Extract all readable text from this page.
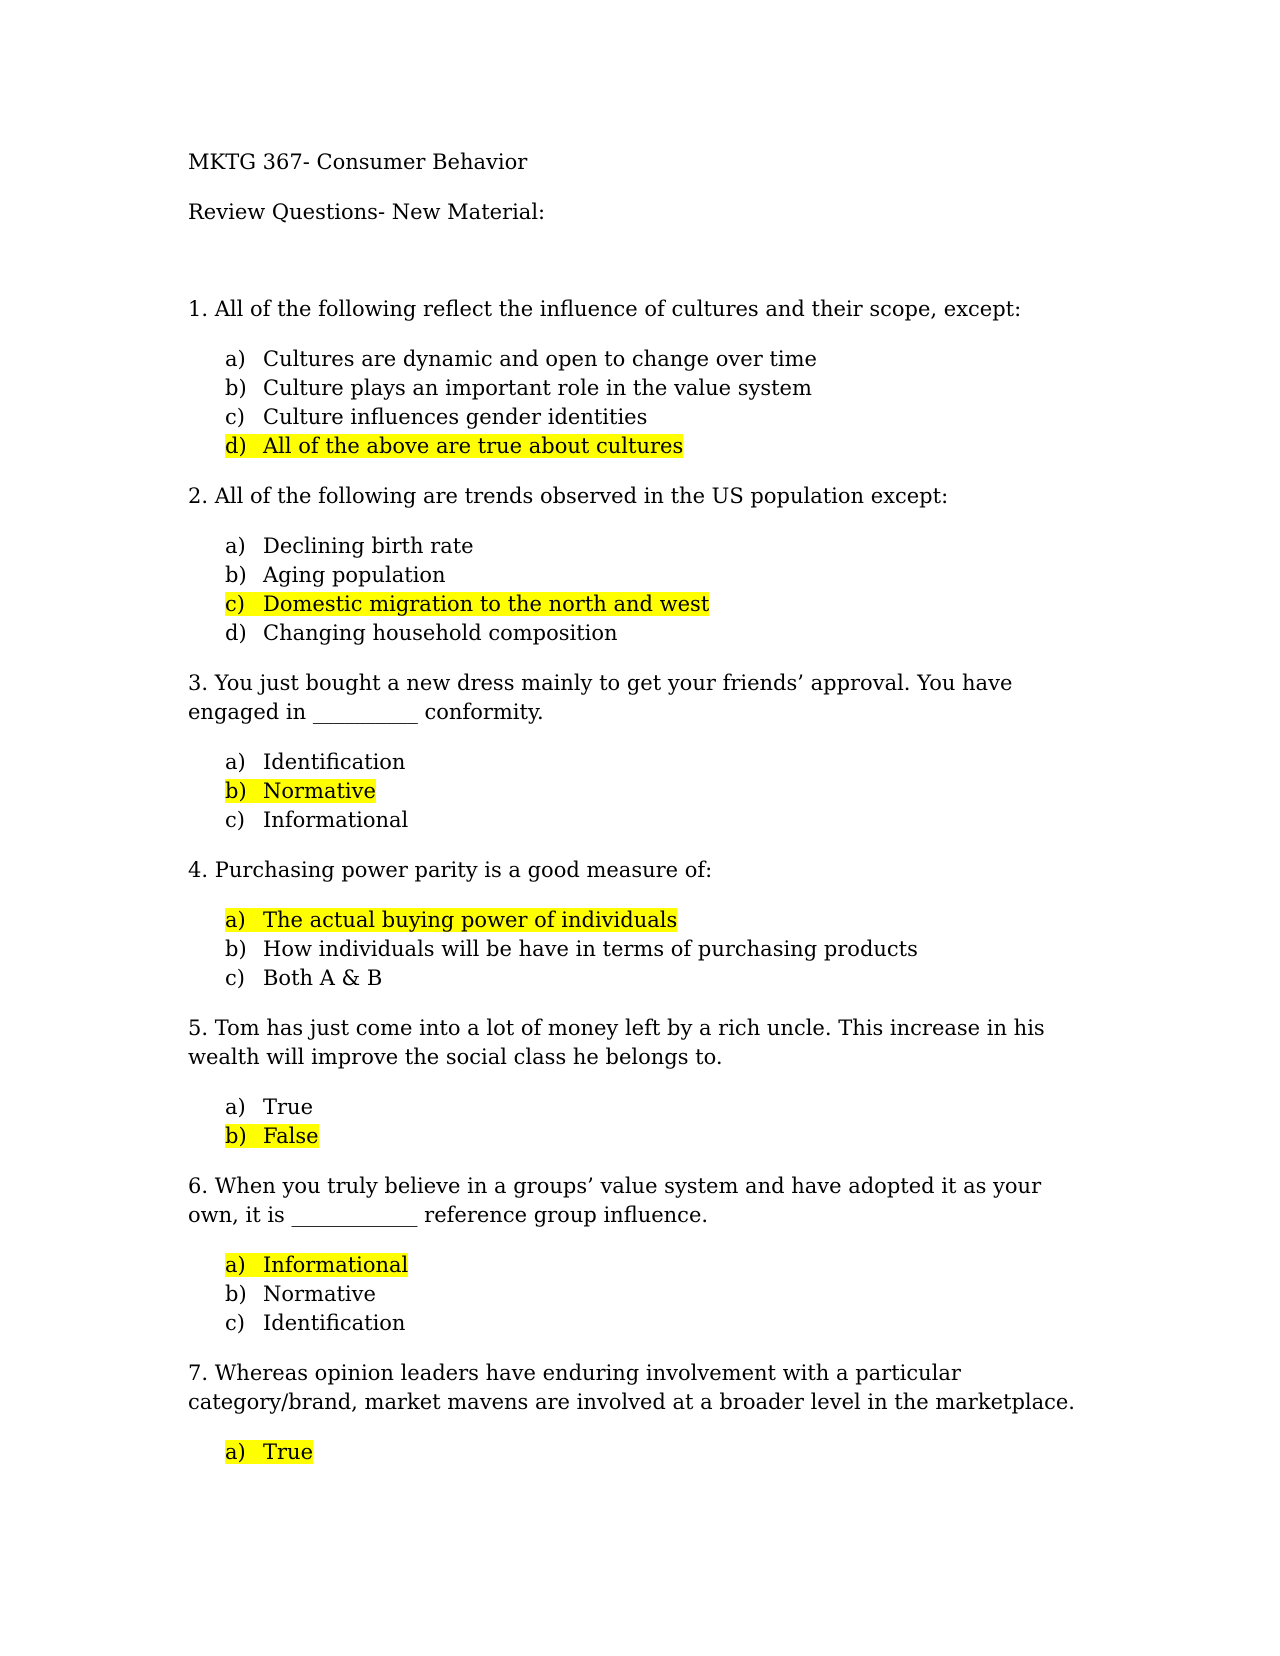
MKTG 367- Consumer Behavior
Review Questions- New Material:

1. All of the following reflect the influence of cultures and their scope, except:

a) Cultures are dynamic and open to change over time
b) Culture plays an important role in the value system
c) Culture influences gender identities
d) All of the above are true about cultures

2. All of the following are trends observed in the US population except:

a) Declining birth rate
b) Aging population
c) Domestic migration to the north and west
d) Changing household composition

3. You just bought a new dress mainly to get your friends’ approval. You have engaged in __________ conformity.

a) Identification
b) Normative
c) Informational

4. Purchasing power parity is a good measure of:

a) The actual buying power of individuals
b) How individuals will be have in terms of purchasing products
c) Both A & B

5. Tom has just come into a lot of money left by a rich uncle. This increase in his wealth will improve the social class he belongs to.

a) True
b) False

6. When you truly believe in a groups’ value system and have adopted it as your own, it is ____________ reference group influence.

a) Informational
b) Normative
c) Identification

7. Whereas opinion leaders have enduring involvement with a particular category/brand, market mavens are involved at a broader level in the marketplace.

a) True
